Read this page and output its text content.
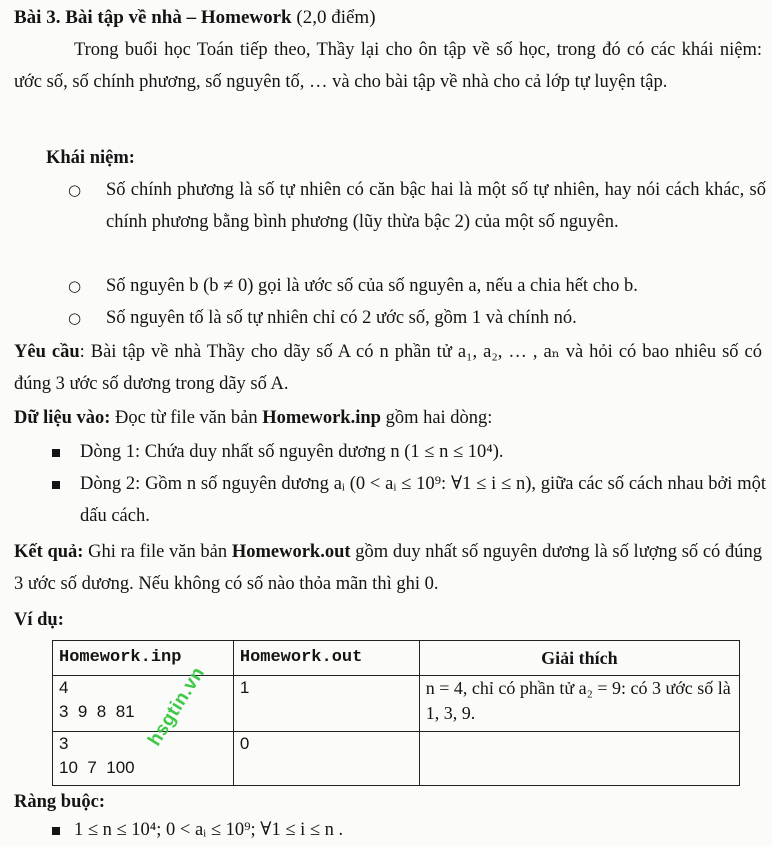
Bài 3. Bài tập về nhà – Homework (2,0 điểm)
Trong buổi học Toán tiếp theo, Thầy lại cho ôn tập về số học, trong đó có các khái niệm: ước số, số chính phương, số nguyên tố, … và cho bài tập về nhà cho cả lớp tự luyện tập.
Khái niệm:
○ Số chính phương là số tự nhiên có căn bậc hai là một số tự nhiên, hay nói cách khác, số chính phương bằng bình phương (lũy thừa bậc 2) của một số nguyên.
○ Số nguyên b (b ≠ 0) gọi là ước số của số nguyên a, nếu a chia hết cho b.
○ Số nguyên tố là số tự nhiên chỉ có 2 ước số, gồm 1 và chính nó.
Yêu cầu: Bài tập về nhà Thầy cho dãy số A có n phần tử a₁, a₂, … , aₙ và hỏi có bao nhiêu số có đúng 3 ước số dương trong dãy số A.
Dữ liệu vào: Đọc từ file văn bản Homework.inp gồm hai dòng:
Dòng 1: Chứa duy nhất số nguyên dương n (1 ≤ n ≤ 10⁴).
Dòng 2: Gồm n số nguyên dương aᵢ (0 < aᵢ ≤ 10⁹: ∀1 ≤ i ≤ n), giữa các số cách nhau bởi một dấu cách.
Kết quả: Ghi ra file văn bản Homework.out gồm duy nhất số nguyên dương là số lượng số có đúng 3 ước số dương. Nếu không có số nào thỏa mãn thì ghi 0.
Ví dụ:
Homework.inp	Homework.out	Giải thích

4
3  9  8  81	1	n = 4, chỉ có phần tử a₂ = 9: có 3 ước số là 1, 3, 9.

3
10  7  100	0	

hsgtin.vn
Ràng buộc:
1 ≤ n ≤ 10⁴; 0 < aᵢ ≤ 10⁹; ∀1 ≤ i ≤ n .
